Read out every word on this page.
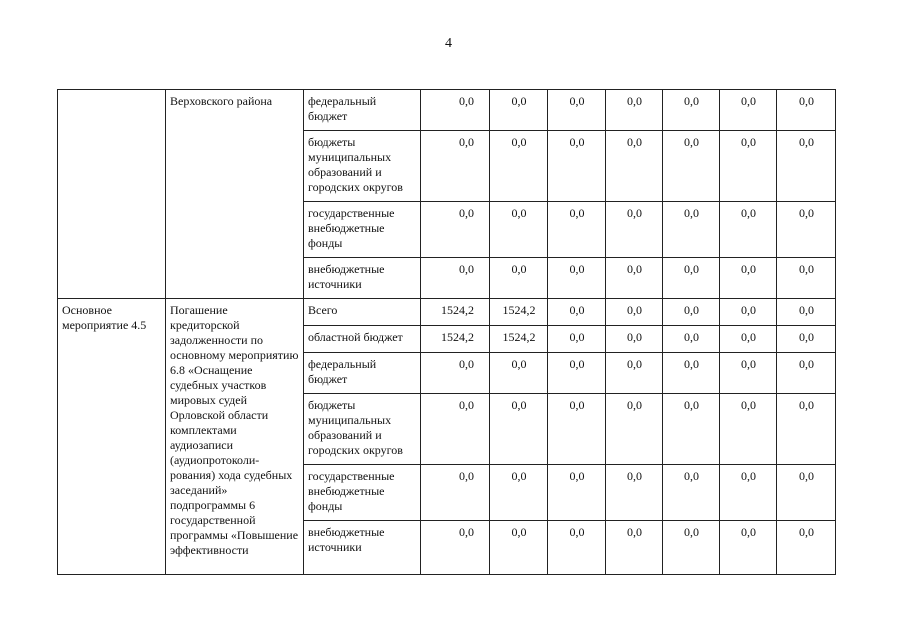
4
	Верховского района	федеральный бюджет	0,0	0,0	0,0	0,0	0,0	0,0	0,0
		бюджеты муниципальных образований и городских округов	0,0	0,0	0,0	0,0	0,0	0,0	0,0
		государственные внебюджетные фонды	0,0	0,0	0,0	0,0	0,0	0,0	0,0
		внебюджетные источники	0,0	0,0	0,0	0,0	0,0	0,0	0,0
Основное мероприятие 4.5	Погашение кредиторской задолженности по основному мероприятию 6.8 «Оснащение судебных участков мировых судей Орловской области комплектами аудиозаписи (аудиопротоколи-рования) хода судебных заседаний» подпрограммы 6 государственной программы «Повышение эффективности	Всего	1524,2	1524,2	0,0	0,0	0,0	0,0	0,0
		областной бюджет	1524,2	1524,2	0,0	0,0	0,0	0,0	0,0
		федеральный бюджет	0,0	0,0	0,0	0,0	0,0	0,0	0,0
		бюджеты муниципальных образований и городских округов	0,0	0,0	0,0	0,0	0,0	0,0	0,0
		государственные внебюджетные фонды	0,0	0,0	0,0	0,0	0,0	0,0	0,0
		внебюджетные источники	0,0	0,0	0,0	0,0	0,0	0,0	0,0
